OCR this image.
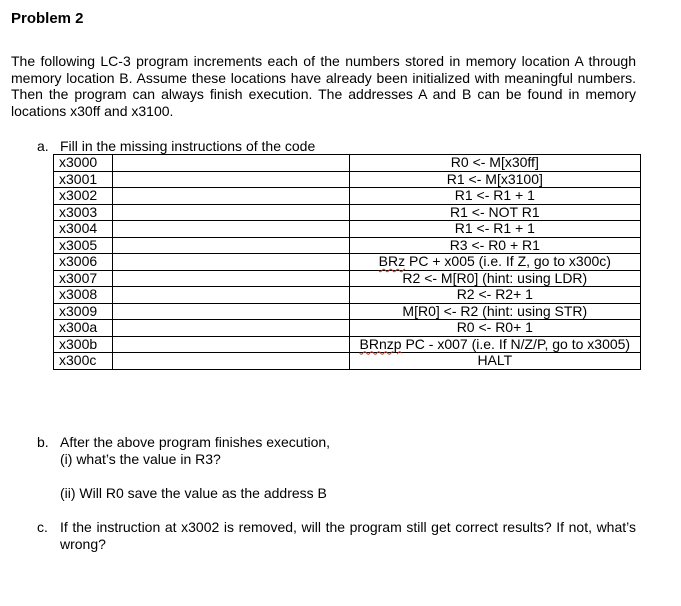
Problem 2
The following LC-3 program increments each of the numbers stored in memory location A through memory location B. Assume these locations have already been initialized with meaningful numbers. Then the program can always finish execution. The addresses A and B can be found in memory locations x30ff and x3100.
a. Fill in the missing instructions of the code
x3000		R0 <- M[x30ff]
x3001		R1 <- M[x3100]
x3002		R1 <- R1 + 1
x3003		R1 <- NOT R1
x3004		R1 <- R1 + 1
x3005		R3 <- R0 + R1
x3006		BRz PC + x005 (i.e. If Z, go to x300c)
x3007		R2 <- M[R0] (hint: using LDR)
x3008		R2 <- R2+ 1
x3009		M[R0] <- R2 (hint: using STR)
x300a		R0 <- R0+ 1
x300b		BRnzp PC - x007 (i.e. If N/Z/P, go to x3005)
x300c		HALT
b. After the above program finishes execution,
(i) what’s the value in R3?
(ii) Will R0 save the value as the address B
c. If the instruction at x3002 is removed, will the program still get correct results? If not, what’s wrong?
